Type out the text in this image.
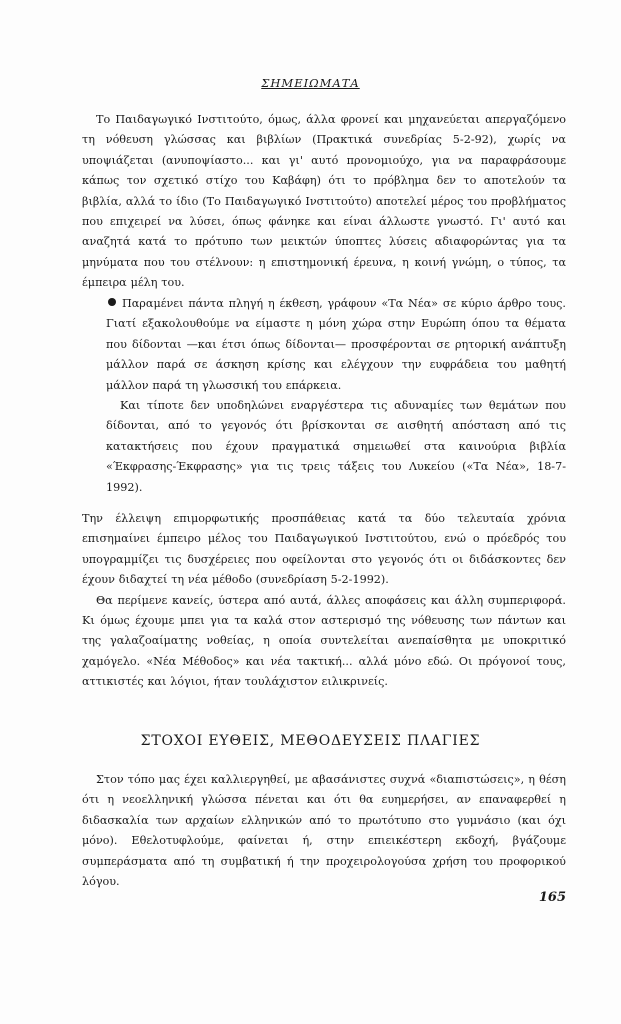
ΣΗΜΕΙΩΜΑΤΑ

Το Παιδαγωγικό Ινστιτούτο, όμως, άλλα φρονεί και μηχανεύεται απεργαζόμενο τη νόθευση γλώσσας και βιβλίων (Πρακτικά συνεδρίας 5-2-92), χωρίς να υποψιάζεται (ανυποψίαστο... και γι' αυτό προνομιούχο, για να παραφράσουμε κάπως τον σχετικό στίχο του Καβάφη) ότι το πρόβλημα δεν το αποτελούν τα βιβλία, αλλά το ίδιο (Το Παιδαγωγικό Ινστιτούτο) αποτελεί μέρος του προβλήματος που επιχειρεί να λύσει, όπως φάνηκε και είναι άλλωστε γνωστό. Γι' αυτό και αναζητά κατά το πρότυπο των μεικτών ύποπτες λύσεις αδιαφορώντας για τα μηνύματα που του στέλνουν: η επιστημονική έρευνα, η κοινή γνώμη, ο τύπος, τα έμπειρα μέλη του.

Παραμένει πάντα πληγή η έκθεση, γράφουν «Τα Νέα» σε κύριο άρθρο τους. Γιατί εξακολουθούμε να είμαστε η μόνη χώρα στην Ευρώπη όπου τα θέματα που δίδονται —και έτσι όπως δίδονται— προσφέρονται σε ρητορική ανάπτυξη μάλλον παρά σε άσκηση κρίσης και ελέγχουν την ευφράδεια του μαθητή μάλλον παρά τη γλωσσική του επάρκεια.

Και τίποτε δεν υποδηλώνει εναργέστερα τις αδυναμίες των θεμάτων που δίδονται, από το γεγονός ότι βρίσκονται σε αισθητή απόσταση από τις κατακτήσεις που έχουν πραγματικά σημειωθεί στα καινούρια βιβλία «Έκφρασης-Έκφρασης» για τις τρεις τάξεις του Λυκείου («Τα Νέα», 18-7-1992).

Την έλλειψη επιμορφωτικής προσπάθειας κατά τα δύο τελευταία χρόνια επισημαίνει έμπειρο μέλος του Παιδαγωγικού Ινστιτούτου, ενώ ο πρόεδρός του υπογραμμίζει τις δυσχέρειες που οφείλονται στο γεγονός ότι οι διδάσκοντες δεν έχουν διδαχτεί τη νέα μέθοδο (συνεδρίαση 5-2-1992).

Θα περίμενε κανείς, ύστερα από αυτά, άλλες αποφάσεις και άλλη συμπεριφορά. Κι όμως έχουμε μπει για τα καλά στον αστερισμό της νόθευσης των πάντων και της γαλαζοαίματης νοθείας, η οποία συντελείται ανεπαίσθητα με υποκριτικό χαμόγελο. «Νέα Μέθοδος» και νέα τακτική... αλλά μόνο εδώ. Οι πρόγονοί τους, αττικιστές και λόγιοι, ήταν τουλάχιστον ειλικρινείς.

ΣΤΟΧΟΙ ΕΥΘΕΙΣ, ΜΕΘΟΔΕΥΣΕΙΣ ΠΛΑΓΙΕΣ

Στον τόπο μας έχει καλλιεργηθεί, με αβασάνιστες συχνά «διαπιστώσεις», η θέση ότι η νεοελληνική γλώσσα πένεται και ότι θα ευημερήσει, αν επαναφερθεί η διδασκαλία των αρχαίων ελληνικών από το πρωτότυπο στο γυμνάσιο (και όχι μόνο). Εθελοτυφλούμε, φαίνεται ή, στην επιεικέστερη εκδοχή, βγάζουμε συμπεράσματα από τη συμβατική ή την προχειρολογούσα χρήση του προφορικού λόγου.

165
